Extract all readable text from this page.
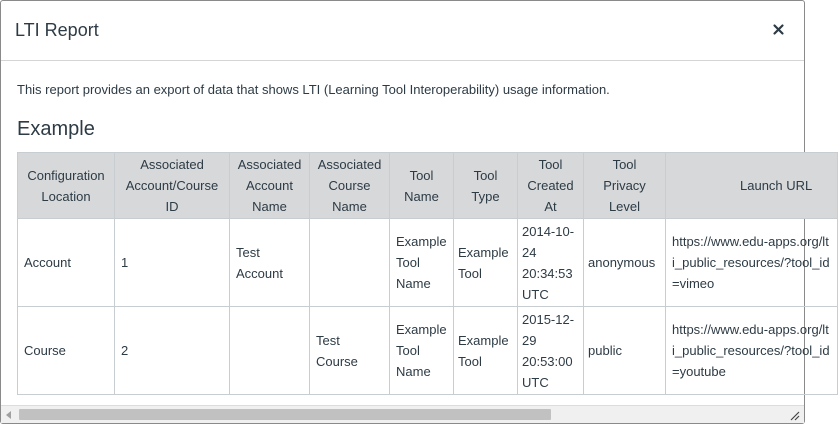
LTI Report
This report provides an export of data that shows LTI (Learning Tool Interoperability) usage information.
Example
Configuration Location	Associated Account/Course ID	Associated Account Name	Associated Course Name	Tool Name	Tool Type	Tool Created At	Tool Privacy Level	Launch URL
Account	1	Test Account		Example Tool Name	Example Tool	2014-10-24 20:34:53 UTC	anonymous	https://www.edu-apps.org/lti_public_resources/?tool_id=vimeo
Course	2		Test Course	Example Tool Name	Example Tool	2015-12-29 20:53:00 UTC	public	https://www.edu-apps.org/lti_public_resources/?tool_id=youtube
